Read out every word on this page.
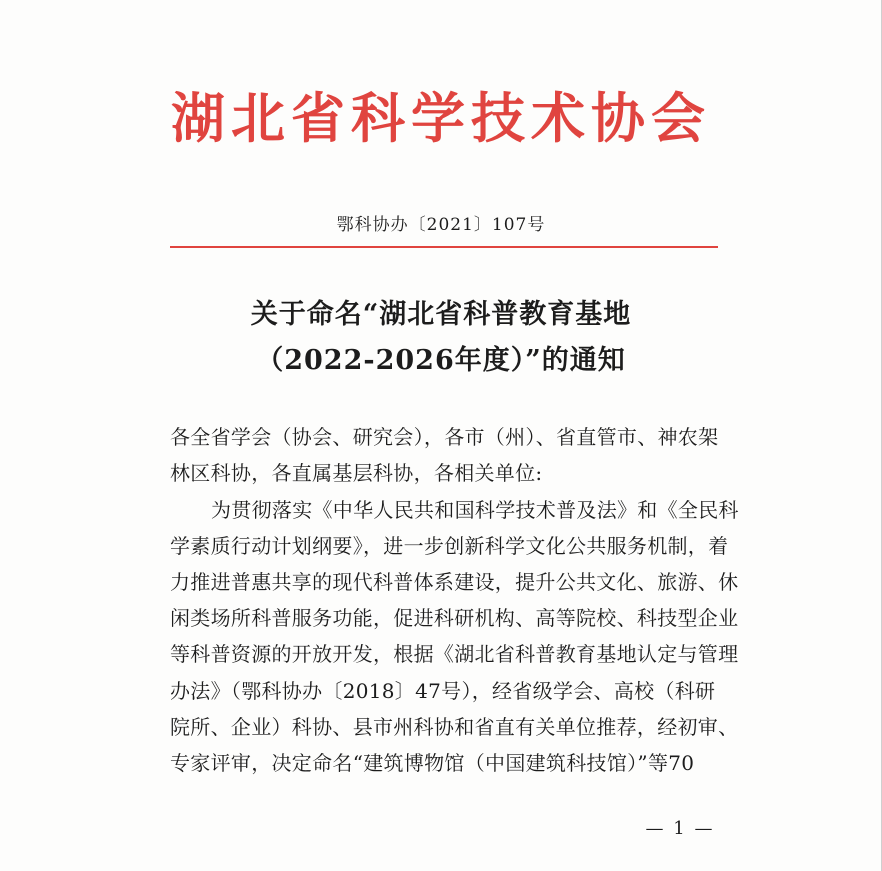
湖北省科学技术协会
鄂科协办〔2021〕107号
关于命名“湖北省科普教育基地
（2022-2026年度）”的通知
各全省学会（协会、研究会），各市（州）、省直管市、神农架
林区科协，各直属基层科协，各相关单位:
为贯彻落实《中华人民共和国科学技术普及法》和《全民科
学素质行动计划纲要》，进一步创新科学文化公共服务机制，着
力推进普惠共享的现代科普体系建设，提升公共文化、旅游、休
闲类场所科普服务功能，促进科研机构、高等院校、科技型企业
等科普资源的开放开发，根据《湖北省科普教育基地认定与管理
办法》（鄂科协办〔2018〕47号），经省级学会、高校（科研
院所、企业）科协、县市州科协和省直有关单位推荐，经初审、
专家评审，决定命名“建筑博物馆（中国建筑科技馆）”等70
— 1 —
